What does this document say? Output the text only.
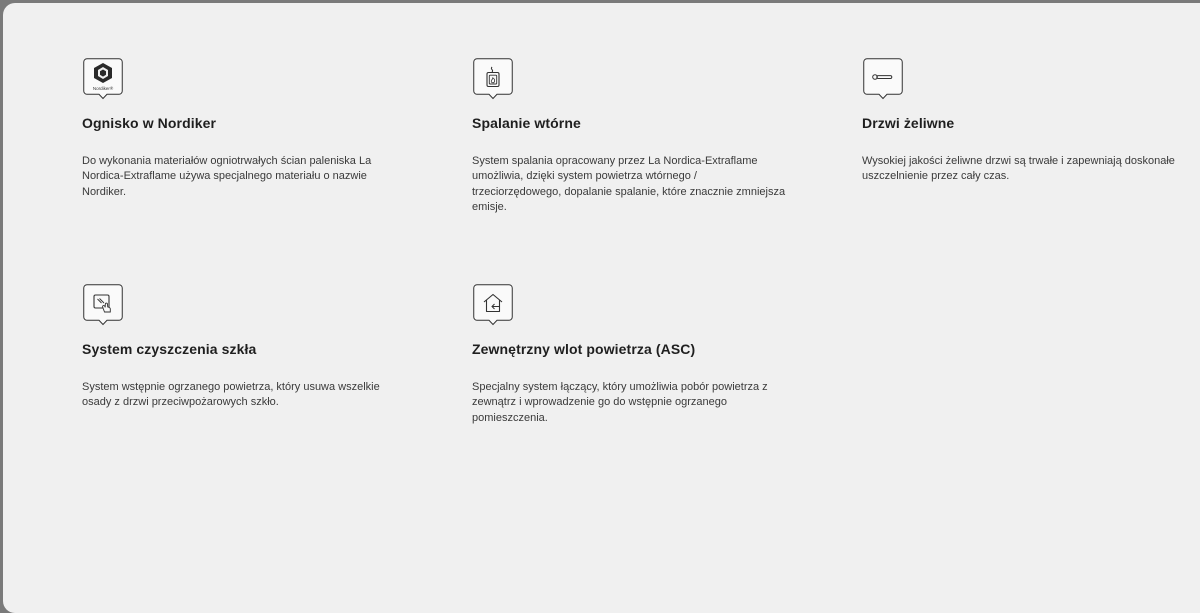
Nordiker®
Ognisko w Nordiker

Do wykonania materiałów ogniotrwałych ścian paleniska La Nordica-Extraflame używa specjalnego materiału o nazwie Nordiker.

Spalanie wtórne

System spalania opracowany przez La Nordica-Extraflame umożliwia, dzięki system powietrza wtórnego / trzeciorzędowego, dopalanie spalanie, które znacznie zmniejsza emisje.

Drzwi żeliwne

Wysokiej jakości żeliwne drzwi są trwałe i zapewniają doskonałe uszczelnienie przez cały czas.

System czyszczenia szkła

System wstępnie ogrzanego powietrza, który usuwa wszelkie osady z drzwi przeciwpożarowych szkło.

Zewnętrzny wlot powietrza (ASC)

Specjalny system łączący, który umożliwia pobór powietrza z zewnątrz i wprowadzenie go do wstępnie ogrzanego pomieszczenia.
